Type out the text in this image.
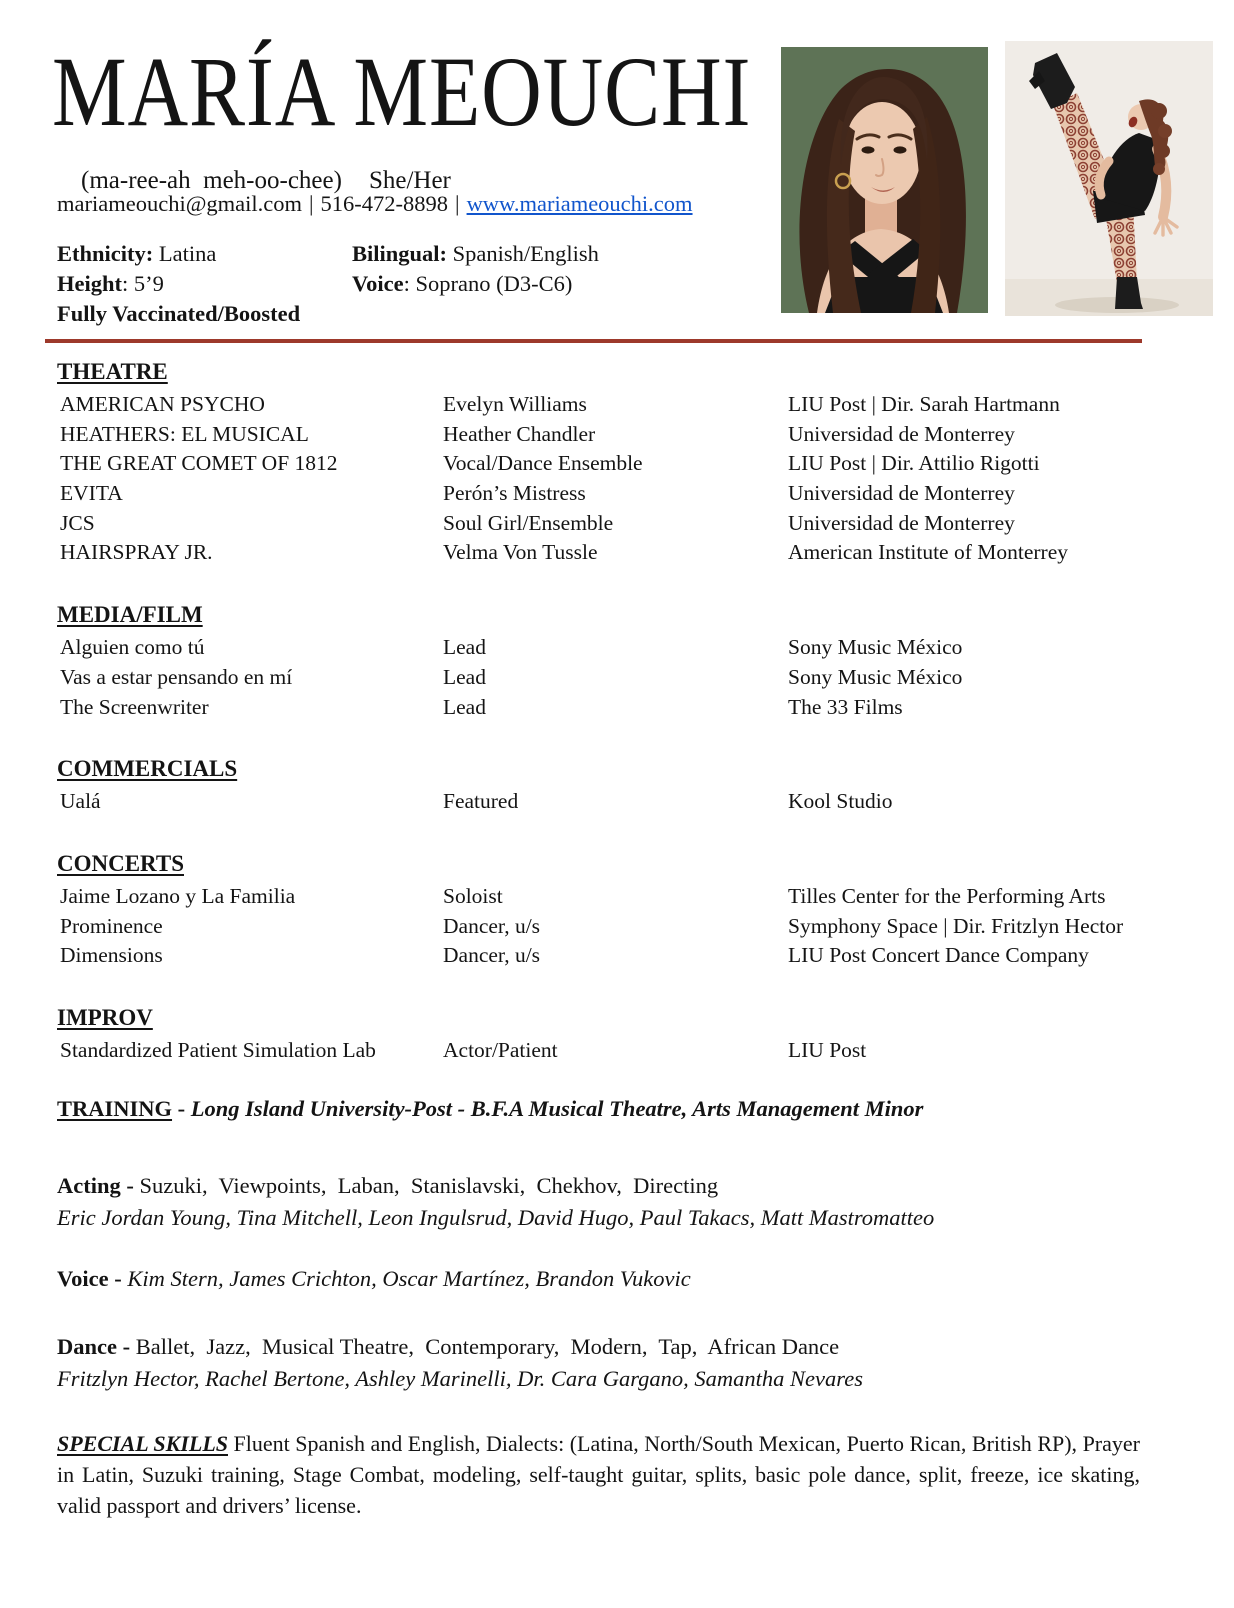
MARÍA MEOUCHI

(ma-ree-ah  meh-oo-chee) She/Her

mariameouchi@gmail.com | 516-472-8898 | www.mariameouchi.com
Ethnicity: Latina
Height: 5’9
Fully Vaccinated/Boosted
Bilingual: Spanish/English
Voice: Soprano (D3-C6)
THEATRE
AMERICAN PSYCHO	Evelyn Williams	LIU Post | Dir. Sarah Hartmann
HEATHERS: EL MUSICAL	Heather Chandler	Universidad de Monterrey
THE GREAT COMET OF 1812	Vocal/Dance Ensemble	LIU Post | Dir. Attilio Rigotti
EVITA	Perón’s Mistress	Universidad de Monterrey
JCS	Soul Girl/Ensemble	Universidad de Monterrey
HAIRSPRAY JR.	Velma Von Tussle	American Institute of Monterrey
MEDIA/FILM
Alguien como tú	Lead	Sony Music México
Vas a estar pensando en mí	Lead	Sony Music México
The Screenwriter	Lead	The 33 Films
COMMERCIALS
Ualá	Featured	Kool Studio
CONCERTS
Jaime Lozano y La Familia	Soloist	Tilles Center for the Performing Arts
Prominence	Dancer, u/s	Symphony Space | Dir. Fritzlyn Hector
Dimensions	Dancer, u/s	LIU Post Concert Dance Company
IMPROV
Standardized Patient Simulation Lab	Actor/Patient	LIU Post
TRAINING - Long Island University-Post - B.F.A Musical Theatre, Arts Management Minor
Acting - Suzuki,  Viewpoints,  Laban,  Stanislavski,  Chekhov,  Directing
Eric Jordan Young, Tina Mitchell, Leon Ingulsrud, David Hugo, Paul Takacs, Matt Mastromatteo
Voice - Kim Stern, James Crichton, Oscar Martínez, Brandon Vukovic
Dance - Ballet,  Jazz,  Musical Theatre,  Contemporary,  Modern,  Tap,  African Dance
Fritzlyn Hector, Rachel Bertone, Ashley Marinelli, Dr. Cara Gargano, Samantha Nevares
SPECIAL SKILLS Fluent Spanish and English, Dialects: (Latina, North/South Mexican, Puerto Rican, British RP), Prayer in Latin, Suzuki training, Stage Combat, modeling, self-taught guitar, splits, basic pole dance, split, freeze, ice skating, valid passport and drivers’ license.
